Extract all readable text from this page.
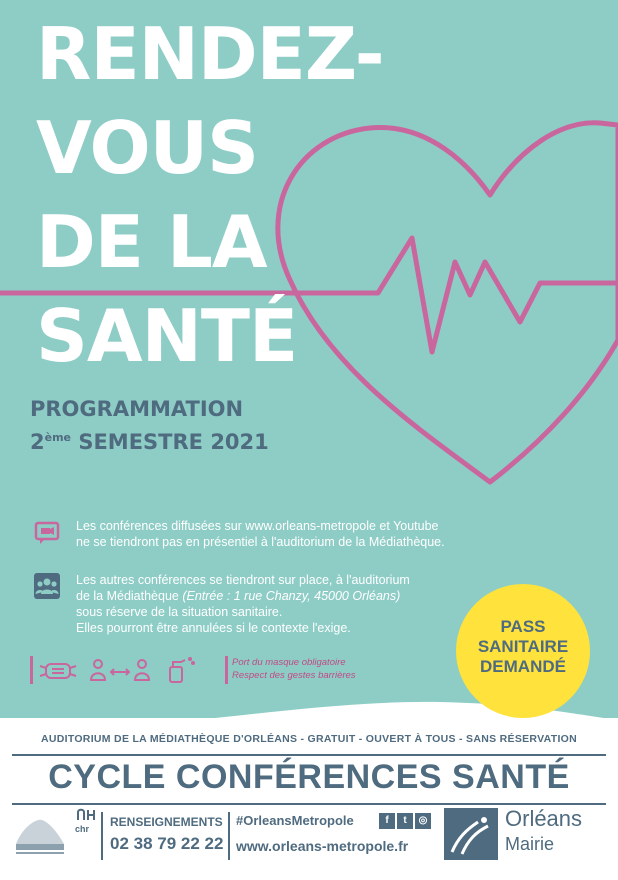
RENDEZ-
VOUS
DE LA
SANTÉ
PROGRAMMATION
2ème SEMESTRE 2021
Les conférences diffusées sur www.orleans-metropole et Youtube
ne se tiendront pas en présentiel à l'auditorium de la Médiathèque.
Les autres conférences se tiendront sur place, à l'auditorium
de la Médiathèque (Entrée : 1 rue Chanzy, 45000 Orléans)
sous réserve de la situation sanitaire.
Elles pourront être annulées si le contexte l'exige.
Port du masque obligatoire
Respect des gestes barrières
PASS
SANITAIRE
DEMANDÉ
AUDITORIUM DE LA MÉDIATHÈQUE D'ORLÉANS - GRATUIT - OUVERT À TOUS - SANS RÉSERVATION
CYCLE CONFÉRENCES SANTÉ
chr RENSEIGNEMENTS
02 38 79 22 22
#OrleansMetropole	f	t	◎
www.orleans-metropole.fr
Orléans
Mairie
